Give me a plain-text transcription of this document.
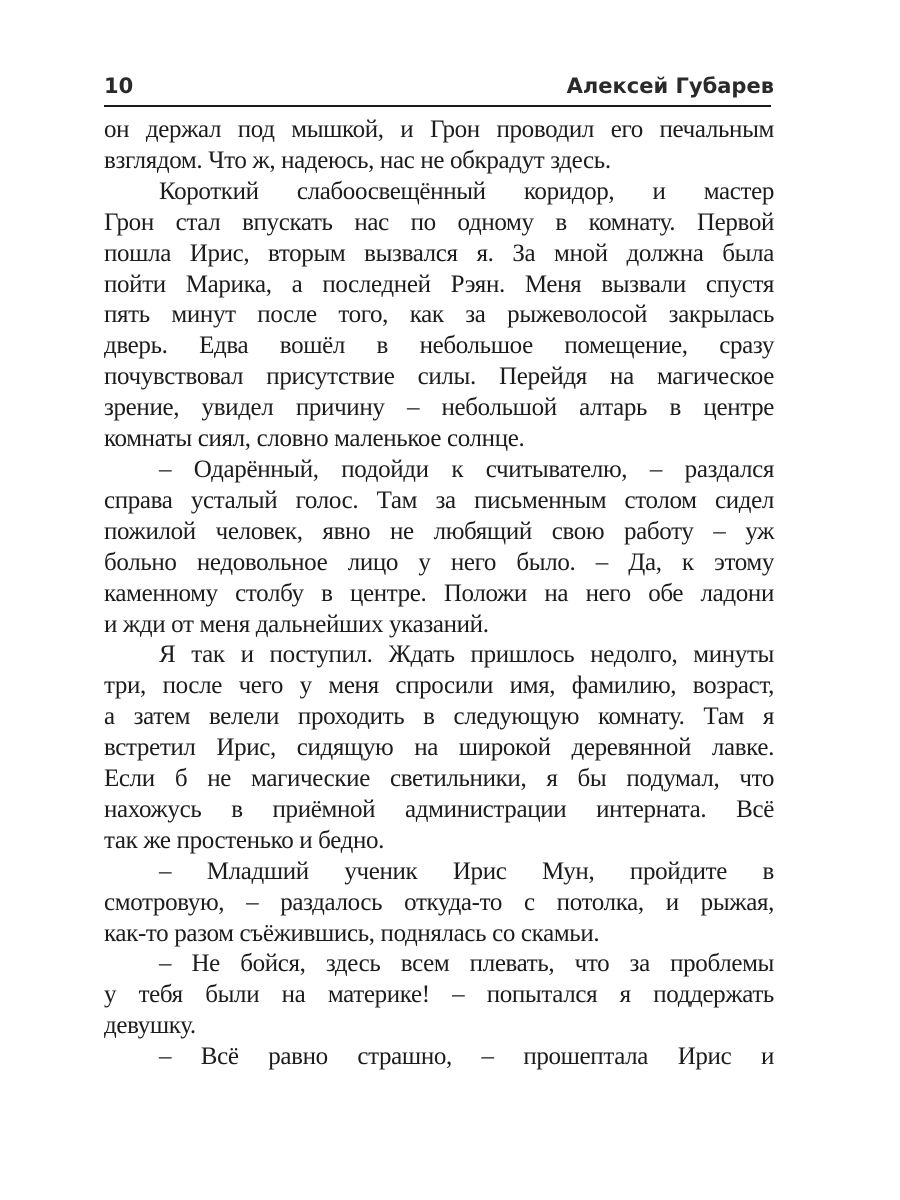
10	Алексей Губарев
он держал под мышкой, и Грон проводил его печальным
взглядом. Что ж, надеюсь, нас не обкрадут здесь.
Короткий слабоосвещённый коридор, и мастер
Грон стал впускать нас по одному в комнату. Первой
пошла Ирис, вторым вызвался я. За мной должна была
пойти Марика, а последней Рэян. Меня вызвали спустя
пять минут после того, как за рыжеволосой закрылась
дверь. Едва вошёл в небольшое помещение, сразу
почувствовал присутствие силы. Перейдя на магическое
зрение, увидел причину – небольшой алтарь в центре
комнаты сиял, словно маленькое солнце.
– Одарённый, подойди к считывателю, – раздался
справа усталый голос. Там за письменным столом сидел
пожилой человек, явно не любящий свою работу – уж
больно недовольное лицо у него было. – Да, к этому
каменному столбу в центре. Положи на него обе ладони
и жди от меня дальнейших указаний.
Я так и поступил. Ждать пришлось недолго, минуты
три, после чего у меня спросили имя, фамилию, возраст,
а затем велели проходить в следующую комнату. Там я
встретил Ирис, сидящую на широкой деревянной лавке.
Если б не магические светильники, я бы подумал, что
нахожусь в приёмной администрации интерната. Всё
так же простенько и бедно.
– Младший ученик Ирис Мун, пройдите в
смотровую, – раздалось откуда-то с потолка, и рыжая,
как-то разом съёжившись, поднялась со скамьи.
– Не бойся, здесь всем плевать, что за проблемы
у тебя были на материке! – попытался я поддержать
девушку.
– Всё равно страшно, – прошептала Ирис и
